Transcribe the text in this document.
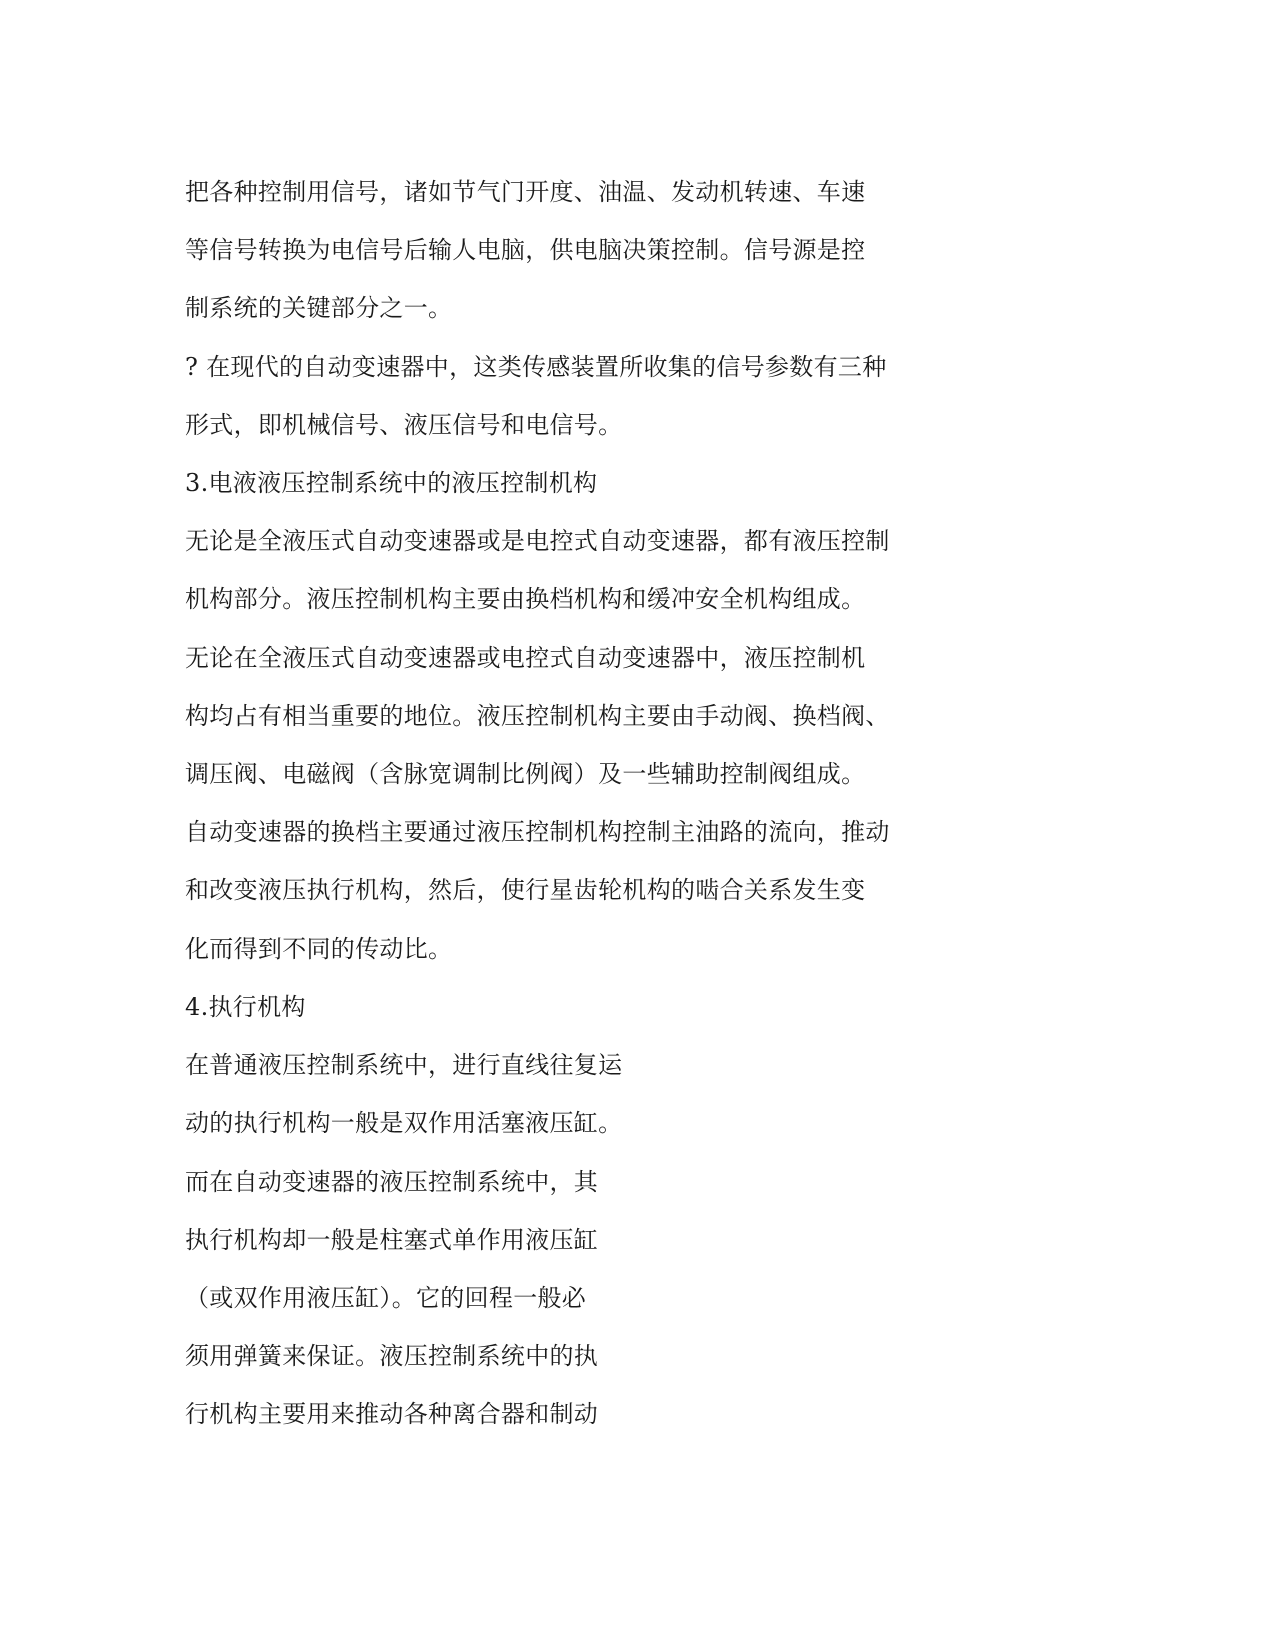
把各种控制用信号，诸如节气门开度、油温、发动机转速、车速
等信号转换为电信号后输人电脑，供电脑决策控制。信号源是控
制系统的关键部分之一。
? 在现代的自动变速器中，这类传感装置所收集的信号参数有三种
形式，即机械信号、液压信号和电信号。
3.电液液压控制系统中的液压控制机构
无论是全液压式自动变速器或是电控式自动变速器，都有液压控制
机构部分。液压控制机构主要由换档机构和缓冲安全机构组成。
无论在全液压式自动变速器或电控式自动变速器中，液压控制机
构均占有相当重要的地位。液压控制机构主要由手动阀、换档阀、
调压阀、电磁阀（含脉宽调制比例阀）及一些辅助控制阀组成。
自动变速器的换档主要通过液压控制机构控制主油路的流向，推动
和改变液压执行机构，然后，使行星齿轮机构的啮合关系发生变
化而得到不同的传动比。
4.执行机构
在普通液压控制系统中，进行直线往复运
动的执行机构一般是双作用活塞液压缸。
而在自动变速器的液压控制系统中，其
执行机构却一般是柱塞式单作用液压缸
（或双作用液压缸）。它的回程一般必
须用弹簧来保证。液压控制系统中的执
行机构主要用来推动各种离合器和制动
